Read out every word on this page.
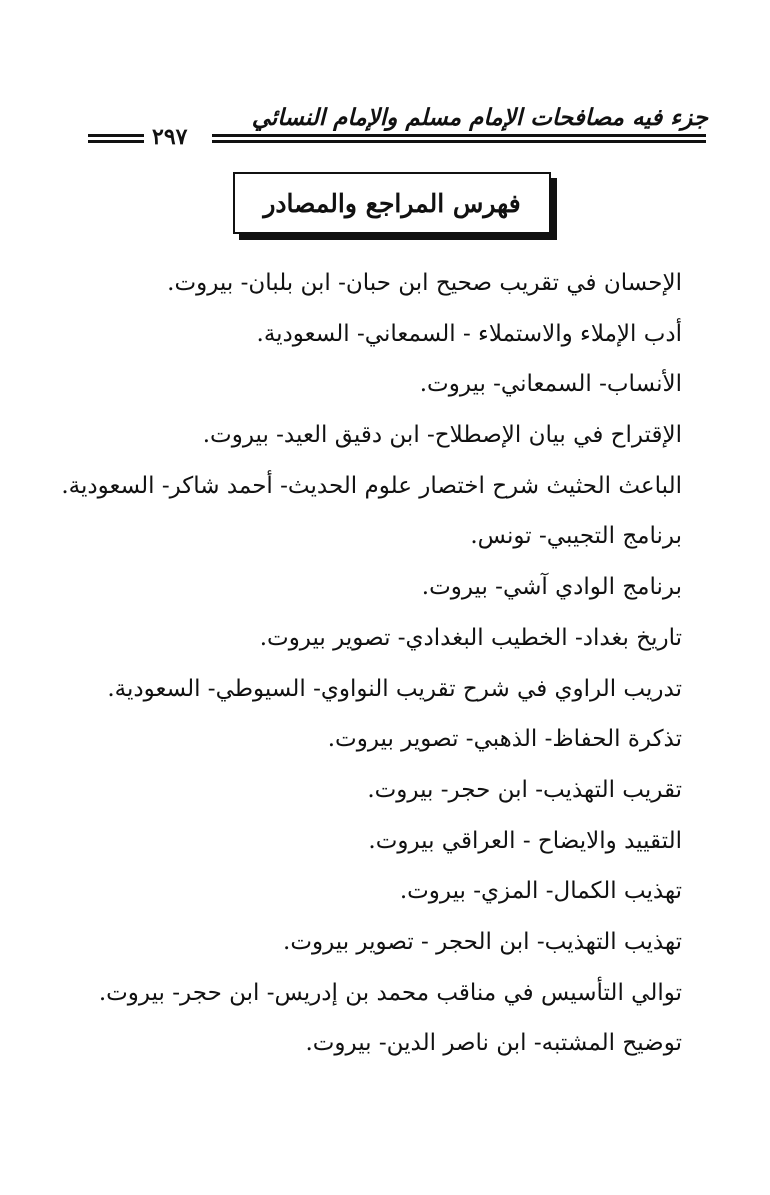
جزء فيه مصافحات الإمام مسلم والإمام النسائي
٢٩٧
فهرس المراجع والمصادر
الإحسان في تقريب صحيح ابن حبان- ابن بلبان- بيروت.
أدب الإملاء والاستملاء - السمعاني- السعودية.
الأنساب- السمعاني- بيروت.
الإقتراح في بيان الإصطلاح- ابن دقيق العيد- بيروت.
الباعث الحثيث شرح اختصار علوم الحديث- أحمد شاكر- السعودية.
برنامج التجيبي- تونس.
برنامج الوادي آشي- بيروت.
تاريخ بغداد- الخطيب البغدادي- تصوير بيروت.
تدريب الراوي في شرح تقريب النواوي- السيوطي- السعودية.
تذكرة الحفاظ- الذهبي- تصوير بيروت.
تقريب التهذيب- ابن حجر- بيروت.
التقييد والايضاح - العراقي بيروت.
تهذيب الكمال- المزي- بيروت.
تهذيب التهذيب- ابن الحجر - تصوير بيروت.
توالي التأسيس في مناقب محمد بن إدريس- ابن حجر- بيروت.
توضيح المشتبه- ابن ناصر الدين- بيروت.
